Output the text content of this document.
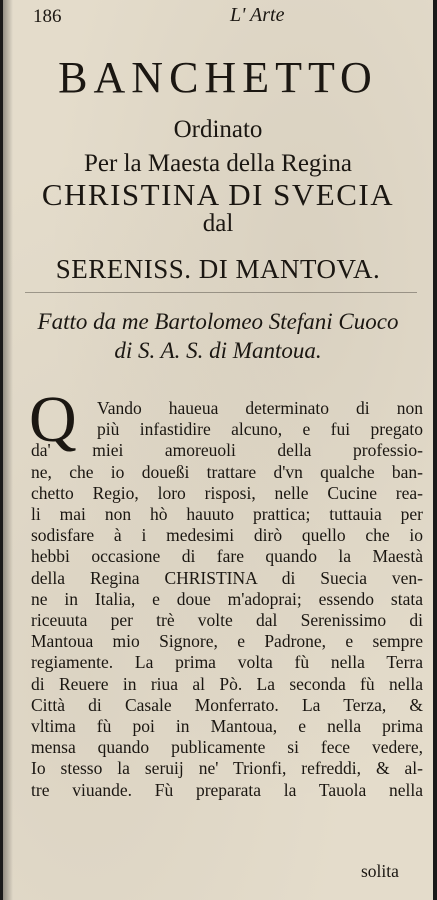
186	L' Arte
BANCHETTO
Ordinato
Per la Maesta della Regina
CHRISTINA DI SVECIA
dal
SERENISS. DI MANTOVA.
Fatto da me Bartolomeo Stefani Cuoco
di S. A. S. di Mantoua.
Q	Vando haueua determinato di non
più infastidire alcuno, e fui pregato
da' miei amoreuoli della professio-
ne, che io doueßi trattare d'vn qualche ban-
chetto Regio, loro risposi, nelle Cucine rea-
li mai non hò hauuto prattica; tuttauia per
sodisfare à i medesimi dirò quello che io
hebbi occasione di fare quando la Maestà
della Regina CHRISTINA di Suecia ven-
ne in Italia, e doue m'adoprai; essendo stata
riceuuta per trè volte dal Serenissimo di
Mantoua mio Signore, e Padrone, e sempre
regiamente. La prima volta fù nella Terra
di Reuere in riua al Pò. La seconda fù nella
Città di Casale Monferrato. La Terza, &
vltima fù poi in Mantoua, e nella prima
mensa quando publicamente si fece vedere,
Io stesso la seruij ne' Trionfi, refreddi, & al-
tre viuande. Fù preparata la Tauola nella
solita
